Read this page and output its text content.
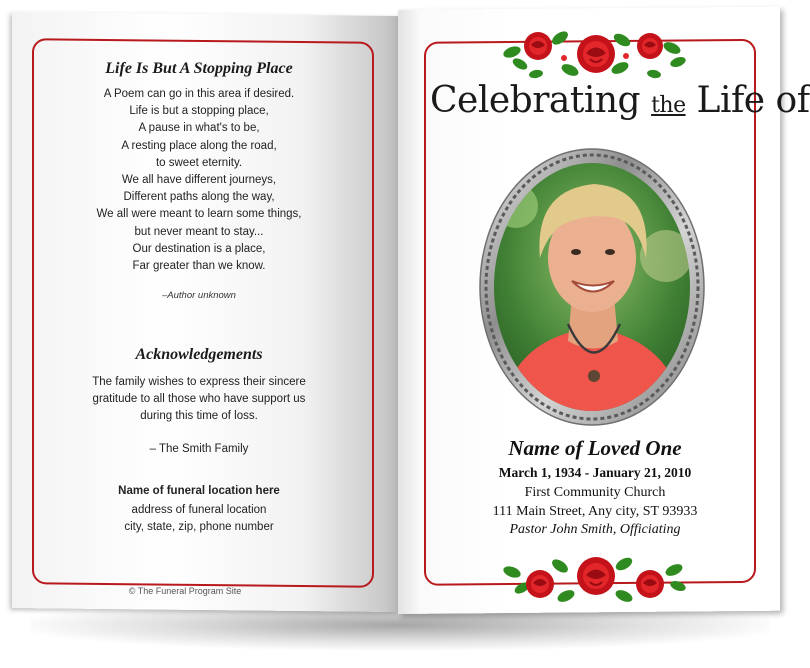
Life Is But A Stopping Place
A Poem can go in this area if desired.
Life is but a stopping place,
A pause in what's to be,
A resting place along the road,
to sweet eternity.
We all have different journeys,
Different paths along the way,
We all were meant to learn some things,
but never meant to stay...
Our destination is a place,
Far greater than we know.
–Author unknown
Acknowledgements
The family wishes to express their sincere
gratitude to all those who have support us
during this time of loss.
– The Smith Family
Name of funeral location here
address of funeral location
city, state, zip, phone number
© The Funeral Program Site
Celebrating the Life of
Name of Loved One
March 1, 1934 - January 21, 2010
First Community Church
111 Main Street, Any city, ST 93933
Pastor John Smith, Officiating
